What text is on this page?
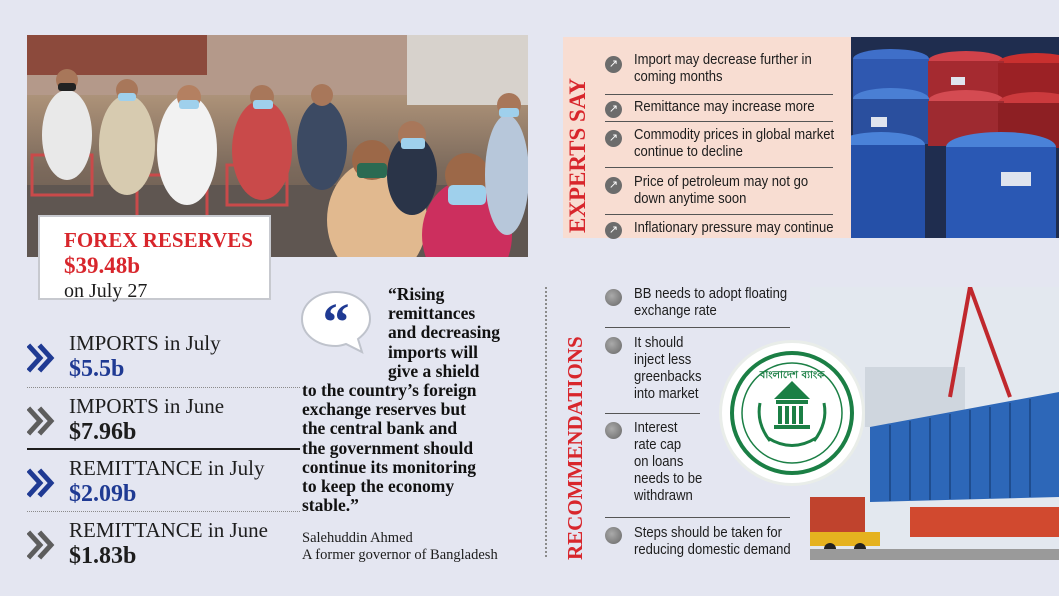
FOREX RESERVES
$39.48b
on July 27
IMPORTS in July
$5.5b
IMPORTS in June
$7.96b
REMITTANCE in July
$2.09b
REMITTANCE in June
$1.83b
“	“Rising
remittances
and decreasing
imports will
give a shield
to the country’s foreign
exchange reserves but
the central bank and
the government should
continue its monitoring
to keep the economy
stable.”
Salehuddin Ahmed
A former governor of Bangladesh
EXPERTS SAY
↗ Import may decrease further in
coming months
↗ Remittance may increase more
↗ Commodity prices in global market
continue to decline
↗ Price of petroleum may not go
down anytime soon
↗ Inflationary pressure may continue
RECOMMENDATIONS
BB needs to adopt floating
exchange rate
It should
inject less
greenbacks
into market
Interest
rate cap
on loans
needs to be
withdrawn
Steps should be taken for
reducing domestic demand
বাংলাদেশ ব্যাংক
